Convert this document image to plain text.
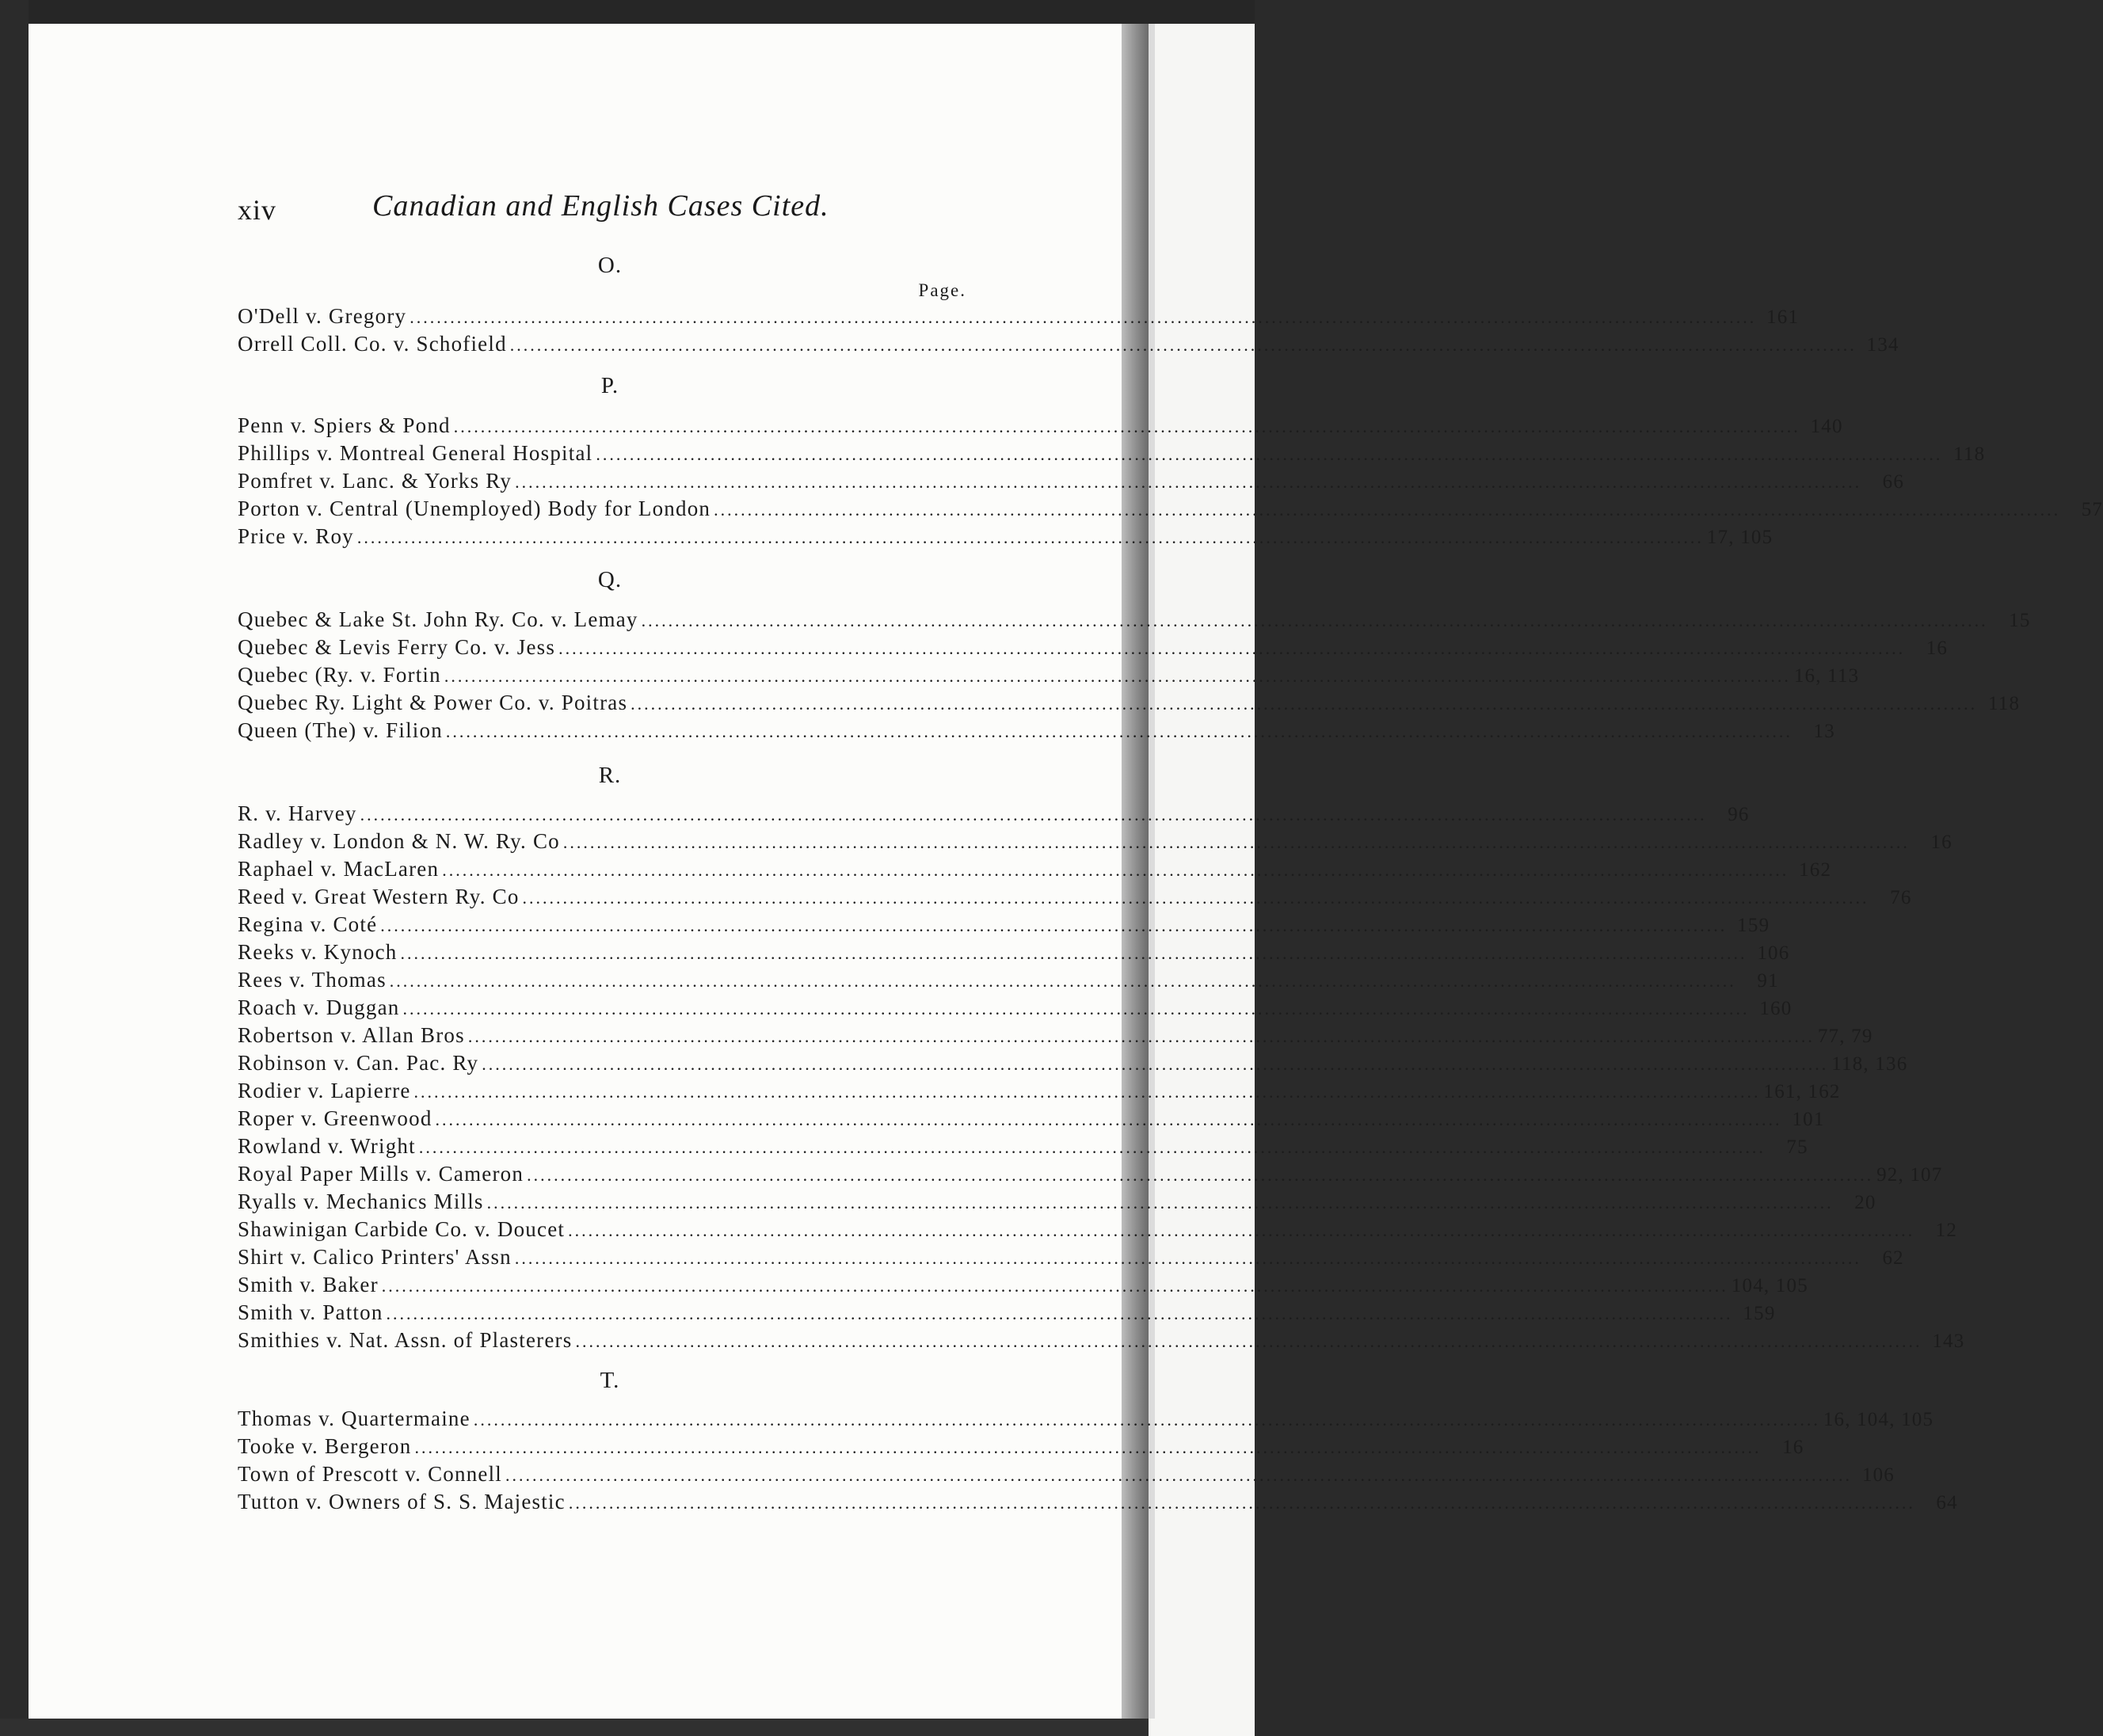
xiv	Canadian and English Cases Cited.
O.
Page.
O'Dell v. Gregory ........................................................................................................................................................................................................ 161
Orrell Coll. Co. v. Schofield ........................................................................................................................................................................................................ 134
P.
Penn v. Spiers & Pond ........................................................................................................................................................................................................ 140
Phillips v. Montreal General Hospital ........................................................................................................................................................................................................ 118
Pomfret v. Lanc. & Yorks Ry ........................................................................................................................................................................................................	66
Porton v. Central (Unemployed) Body for London ........................................................................................................................................................................................................	57
Price v. Roy ........................................................................................................................................................................................................ 17, 105
Q.
Quebec & Lake St. John Ry. Co. v. Lemay ........................................................................................................................................................................................................	15
Quebec & Levis Ferry Co. v. Jess ........................................................................................................................................................................................................	16
Quebec (Ry. v. Fortin ........................................................................................................................................................................................................ 16, 113
Quebec Ry. Light & Power Co. v. Poitras ........................................................................................................................................................................................................ 118
Queen (The) v. Filion ........................................................................................................................................................................................................	13
R.
R. v. Harvey ........................................................................................................................................................................................................	96
Radley v. London & N. W. Ry. Co ........................................................................................................................................................................................................	16
Raphael v. MacLaren ........................................................................................................................................................................................................ 162
Reed v. Great Western Ry. Co ........................................................................................................................................................................................................	76
Regina v. Coté ........................................................................................................................................................................................................ 159
Reeks v. Kynoch ........................................................................................................................................................................................................ 106
Rees v. Thomas ........................................................................................................................................................................................................	91
Roach v. Duggan ........................................................................................................................................................................................................ 160
Robertson v. Allan Bros ........................................................................................................................................................................................................ 77, 79
Robinson v. Can. Pac. Ry ........................................................................................................................................................................................................ 118, 136
Rodier v. Lapierre ........................................................................................................................................................................................................ 161, 162
Roper v. Greenwood ........................................................................................................................................................................................................ 101
Rowland v. Wright ........................................................................................................................................................................................................	75
Royal Paper Mills v. Cameron ........................................................................................................................................................................................................ 92, 107
Ryalls v. Mechanics Mills ........................................................................................................................................................................................................	20
Shawinigan Carbide Co. v. Doucet ........................................................................................................................................................................................................	12
Shirt v. Calico Printers' Assn ........................................................................................................................................................................................................	62
Smith v. Baker ........................................................................................................................................................................................................ 104, 105
Smith v. Patton ........................................................................................................................................................................................................ 159
Smithies v. Nat. Assn. of Plasterers ........................................................................................................................................................................................................ 143
T.
Thomas v. Quartermaine ........................................................................................................................................................................................................ 16, 104, 105
Tooke v. Bergeron ........................................................................................................................................................................................................	16
Town of Prescott v. Connell ........................................................................................................................................................................................................ 106
Tutton v. Owners of S. S. Majestic ........................................................................................................................................................................................................	64
